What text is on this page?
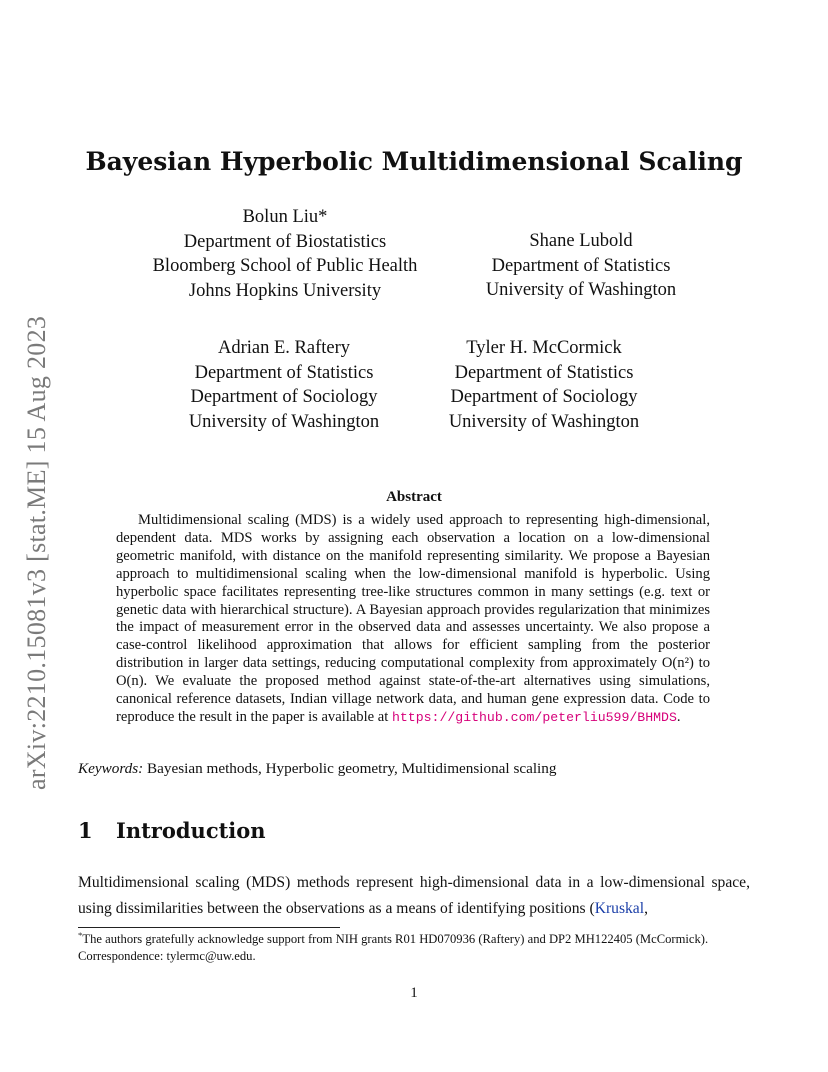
arXiv:2210.15081v3 [stat.ME] 15 Aug 2023
Bayesian Hyperbolic Multidimensional Scaling
Bolun Liu*
Department of Biostatistics
Bloomberg School of Public Health
Johns Hopkins University
Shane Lubold
Department of Statistics
University of Washington
Adrian E. Raftery
Department of Statistics
Department of Sociology
University of Washington
Tyler H. McCormick
Department of Statistics
Department of Sociology
University of Washington
Abstract
Multidimensional scaling (MDS) is a widely used approach to representing high-dimensional, dependent data. MDS works by assigning each observation a location on a low-dimensional geometric manifold, with distance on the manifold representing similarity. We propose a Bayesian approach to multidimensional scaling when the low-dimensional manifold is hyperbolic. Using hyperbolic space facilitates representing tree-like structures common in many settings (e.g. text or genetic data with hierarchical structure). A Bayesian approach provides regularization that minimizes the impact of measurement error in the observed data and assesses uncertainty. We also propose a case-control likelihood approximation that allows for efficient sampling from the posterior distribution in larger data settings, reducing computational complexity from approximately O(n²) to O(n). We evaluate the proposed method against state-of-the-art alternatives using simulations, canonical reference datasets, Indian village network data, and human gene expression data. Code to reproduce the result in the paper is available at https://github.com/peterliu599/BHMDS.
Keywords: Bayesian methods, Hyperbolic geometry, Multidimensional scaling
1 Introduction
Multidimensional scaling (MDS) methods represent high-dimensional data in a low-dimensional space, using dissimilarities between the observations as a means of identifying positions (Kruskal,
*The authors gratefully acknowledge support from NIH grants R01 HD070936 (Raftery) and DP2 MH122405 (McCormick). Correspondence: tylermc@uw.edu.
1
